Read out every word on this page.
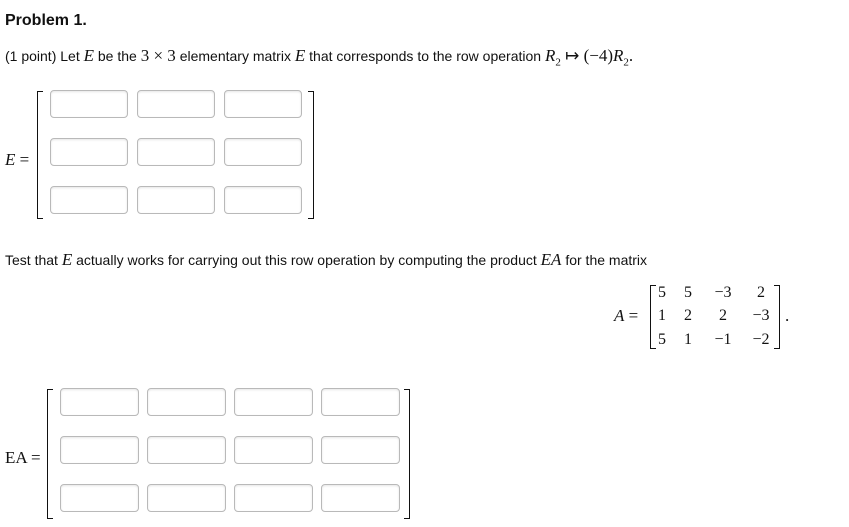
Problem 1.
(1 point) Let E be the 3 × 3 elementary matrix E that corresponds to the row operation $R_2$ ↦ $(-4)R_2$.
E =
Test that E actually works for carrying out this row operation by computing the product EA for the matrix
A =	.
5	5	−3	2
1	2	2	−3
5	1	−1	−2
EA =
